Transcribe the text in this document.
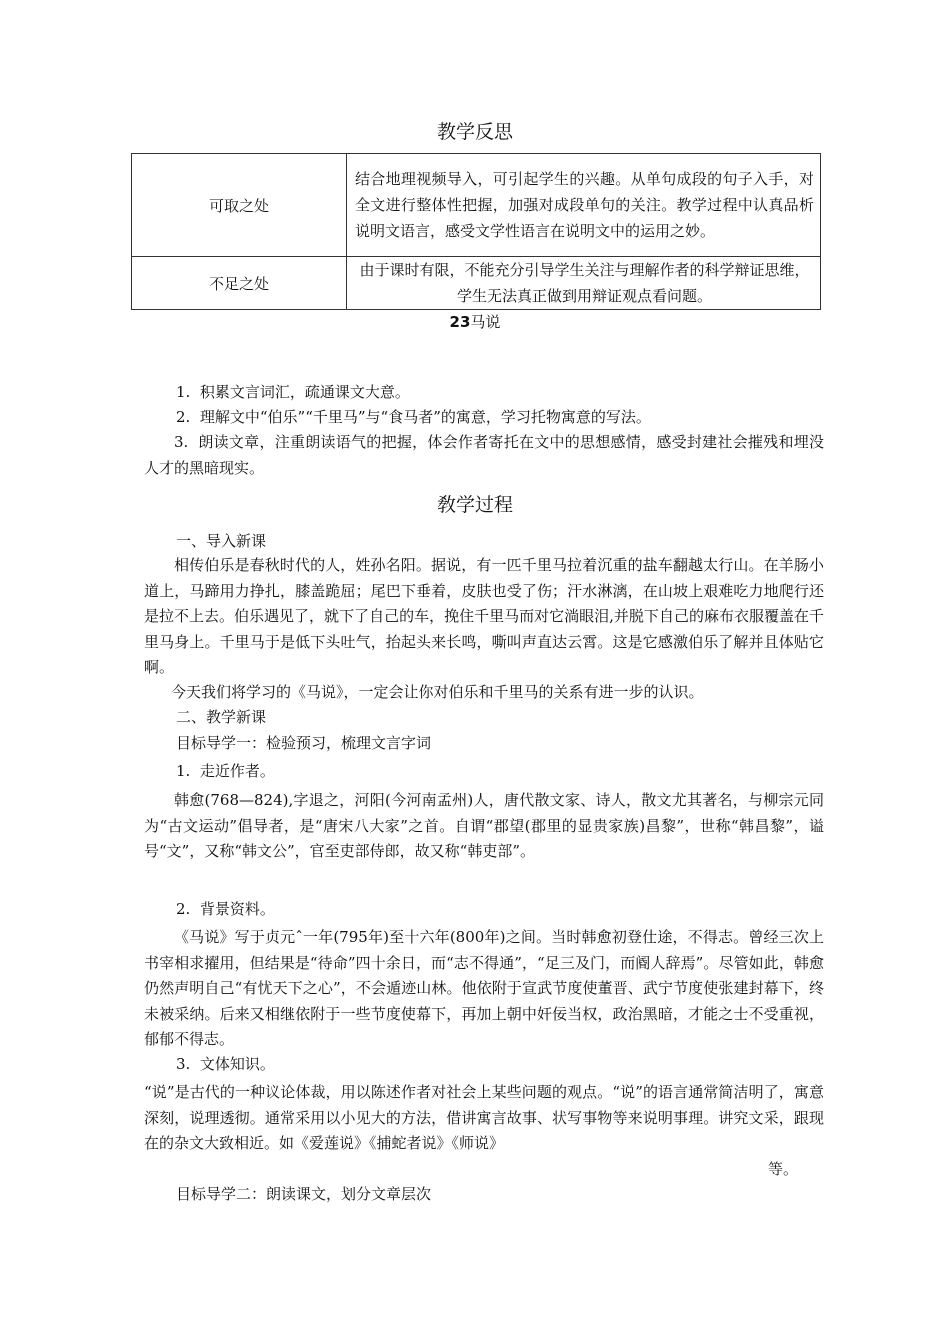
教学反思
可取之处	结合地理视频导入，可引起学生的兴趣。从单句成段的句子入手，对全文进行整体性把握，加强对成段单句的关注。教学过程中认真品析说明文语言，感受文学性语言在说明文中的运用之妙。
不足之处	由于课时有限，不能充分引导学生关注与理解作者的科学辩证思维，学生无法真正做到用辩证观点看问题。
23马说
1. 积累文言词汇，疏通课文大意。
2. 理解文中“伯乐”“千里马”与“食马者”的寓意，学习托物寓意的写法。

3. 朗读文章，注重朗读语气的把握，体会作者寄托在文中的思想感情，感受封建社会摧残和埋没人才的黑暗现实。

敎学过程
一、导入新课

相传伯乐是春秋时代的人，姓孙名阳。据说，有一匹千里马拉着沉重的盐车翻越太行山。在羊肠小道上，马蹄用力挣扎，膝盖跪屈；尾巴下垂着，皮肤也受了伤；汗水淋漓，在山坡上艰难吃力地爬行还是拉不上去。伯乐遇见了，就下了自己的车，挽住千里马而对它淌眼泪,并脱下自己的麻布衣服覆盖在千里马身上。千里马于是低下头吐气，抬起头来长鸣，嘶叫声直达云霄。这是它感激伯乐了解并且体贴它啊。

今天我们将学习的《马说》，一定会让你对伯乐和千里马的关系有进一步的认识。

二、教学新课
目标导学一：检验预习，梳理文言字词
1. 走近作者。

韩愈(768—824),字退之，河阳(今河南孟州)人，唐代散文家、诗人，散文尤其著名，与柳宗元同为“古文运动”倡导者，是“唐宋八大家”之首。自谓“郡望(郡里的显贵家族)昌黎”，世称“韩昌黎”，谥号“文”，又称“韩文公”，官至吏部侍郎，故又称“韩吏部”。

2. 背景资料。

《马说》写于贞元ˆ一年(795年)至十六年(800年)之间。当时韩愈初登仕途，不得志。曾经三次上书宰相求擢用，但结果是“待命”四十余日，而“志不得通”，“足三及门，而阍人辞焉”。尽管如此，韩愈仍然声明自己“有忧天下之心”，不会遁迹山林。他依附于宣武节度使董晋、武宁节度使张建封幕下，终未被采纳。后来又相继依附于一些节度使幕下，再加上朝中奸佞当权，政治黑暗，才能之士不受重视，郁郁不得志。

3. 文体知识。

“说”是古代的一种议论体裁，用以陈述作者对社会上某些问题的观点。“说”的语言通常简洁明了，寓意深刻，说理透彻。通常采用以小见大的方法，借讲寓言故事、状写事物等来说明事理。讲究文采，跟现在的杂文大致相近。如《爱莲说》《捕蛇者说》《师说》

等。
目标导学二：朗读课文，划分文章层次
